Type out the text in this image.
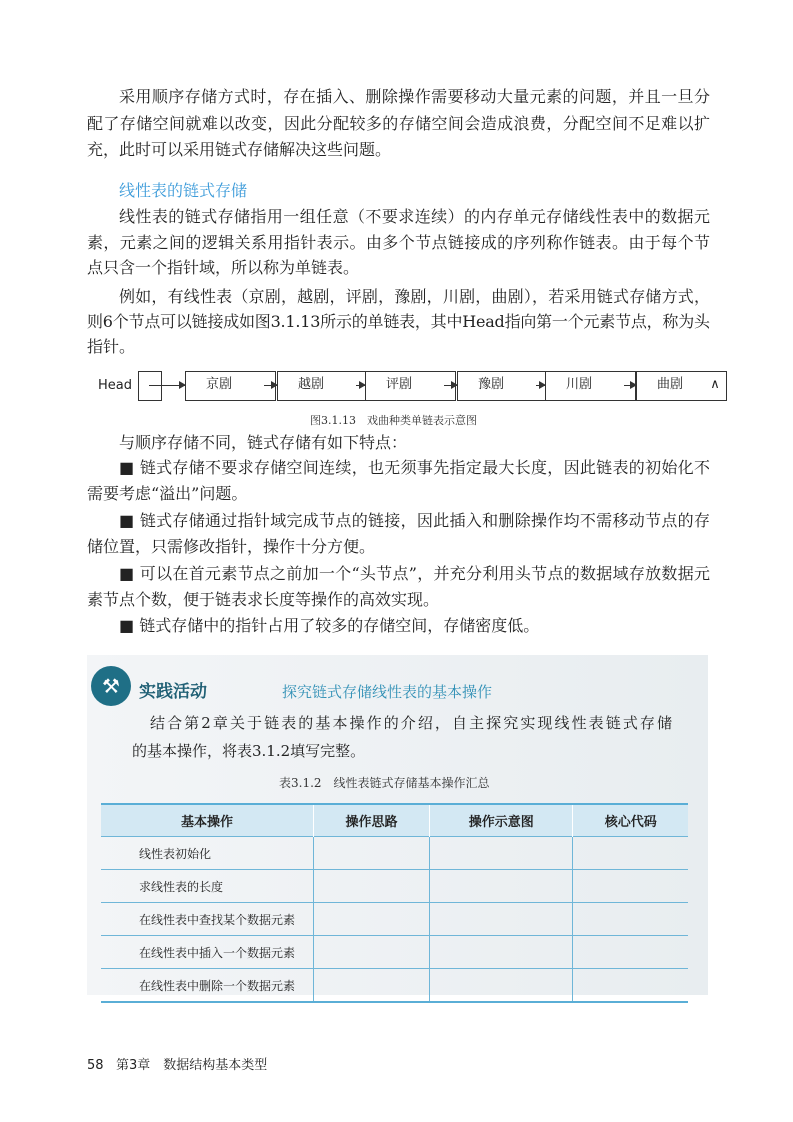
采用顺序存储方式时，存在插入、删除操作需要移动大量元素的问题，并且一旦分
配了存储空间就难以改变，因此分配较多的存储空间会造成浪费，分配空间不足难以扩
充，此时可以采用链式存储解决这些问题。
线性表的链式存储
线性表的链式存储指用一组任意（不要求连续）的内存单元存储线性表中的数据元
素，元素之间的逻辑关系用指针表示。由多个节点链接成的序列称作链表。由于每个节
点只含一个指针域，所以称为单链表。
例如，有线性表（京剧，越剧，评剧，豫剧，川剧，曲剧），若采用链式存储方式，
则6个节点可以链接成如图3.1.13所示的单链表，其中Head指向第一个元素节点，称为头
指针。
Head	京剧	越剧	评剧	豫剧	川剧	曲剧	∧
图3.1.13　戏曲种类单链表示意图
与顺序存储不同，链式存储有如下特点：
■ 链式存储不要求存储空间连续，也无须事先指定最大长度，因此链表的初始化不
需要考虑“溢出”问题。
■ 链式存储通过指针域完成节点的链接，因此插入和删除操作均不需移动节点的存
储位置，只需修改指针，操作十分方便。
■ 可以在首元素节点之前加一个“头节点”，并充分利用头节点的数据域存放数据元
素节点个数，便于链表求长度等操作的高效实现。
■ 链式存储中的指针占用了较多的存储空间，存储密度低。
⚒	实践活动	探究链式存储线性表的基本操作
结合第2章关于链表的基本操作的介绍，自主探究实现线性表链式存储
的基本操作，将表3.1.2填写完整。
表3.1.2　线性表链式存储基本操作汇总
基本操作	操作思路	操作示意图	核心代码
线性表初始化			
求线性表的长度			
在线性表中查找某个数据元素			
在线性表中插入一个数据元素			
在线性表中删除一个数据元素			
58 第3章　数据结构基本类型
